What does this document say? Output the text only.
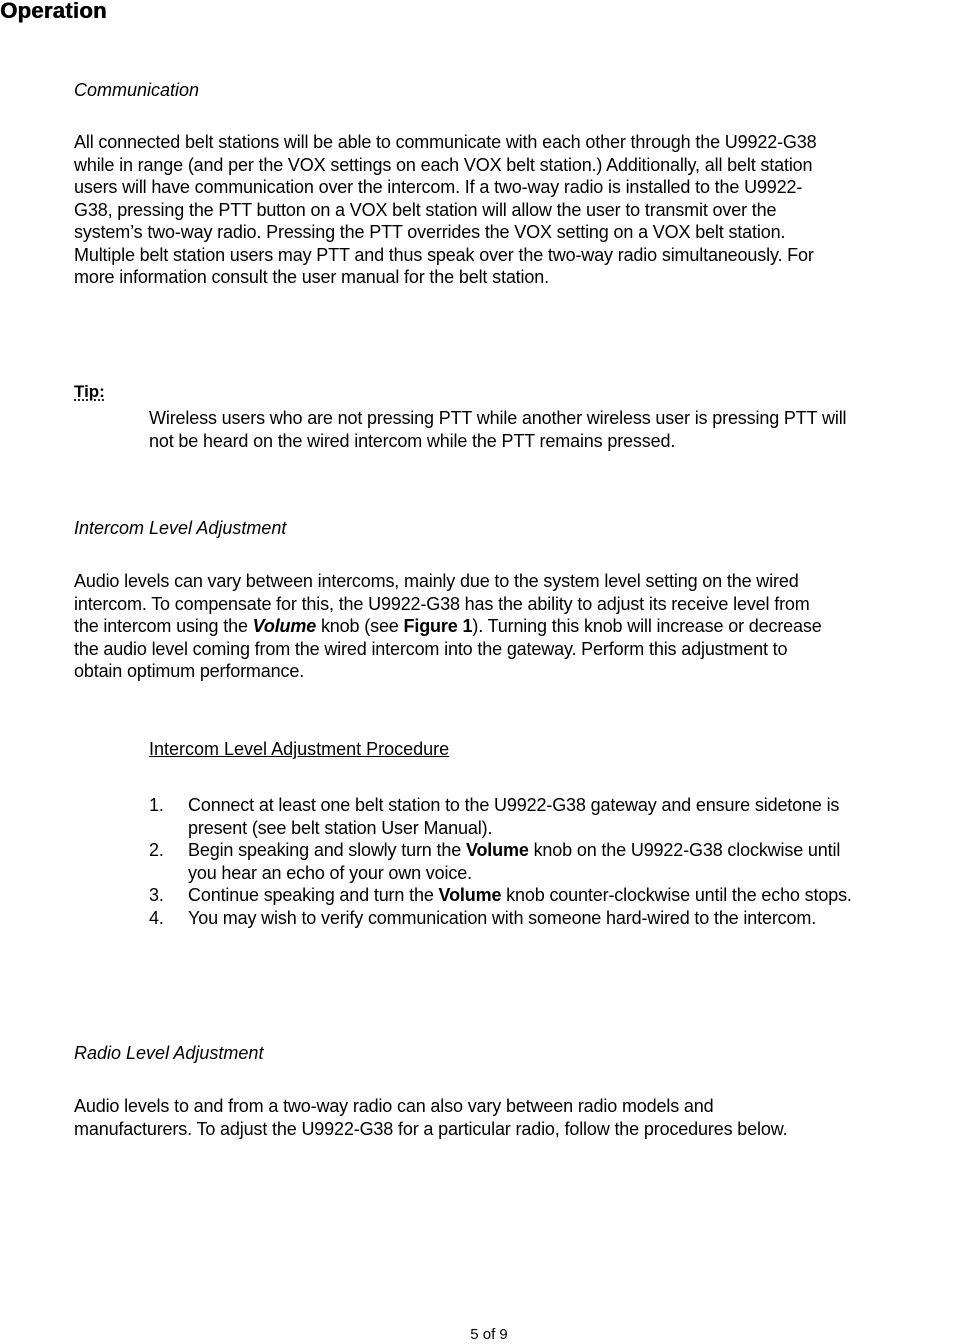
Operation
Communication
All connected belt stations will be able to communicate with each other through the U9922-G38
while in range (and per the VOX settings on each VOX belt station.) Additionally, all belt station
users will have communication over the intercom. If a two-way radio is installed to the U9922-
G38, pressing the PTT button on a VOX belt station will allow the user to transmit over the
system’s two-way radio. Pressing the PTT overrides the VOX setting on a VOX belt station.
Multiple belt station users may PTT and thus speak over the two-way radio simultaneously. For
more information consult the user manual for the belt station.
Tip:
Wireless users who are not pressing PTT while another wireless user is pressing PTT will
not be heard on the wired intercom while the PTT remains pressed.
Intercom Level Adjustment
Audio levels can vary between intercoms, mainly due to the system level setting on the wired
intercom. To compensate for this, the U9922-G38 has the ability to adjust its receive level from
the intercom using the Volume knob (see Figure 1). Turning this knob will increase or decrease
the audio level coming from the wired intercom into the gateway. Perform this adjustment to
obtain optimum performance.
Intercom Level Adjustment Procedure
1. Connect at least one belt station to the U9922-G38 gateway and ensure sidetone is
present (see belt station User Manual).
2. Begin speaking and slowly turn the Volume knob on the U9922-G38 clockwise until
you hear an echo of your own voice.
3. Continue speaking and turn the Volume knob counter-clockwise until the echo stops.
4. You may wish to verify communication with someone hard-wired to the intercom.
Radio Level Adjustment
Audio levels to and from a two-way radio can also vary between radio models and
manufacturers. To adjust the U9922-G38 for a particular radio, follow the procedures below.
5 of 9
